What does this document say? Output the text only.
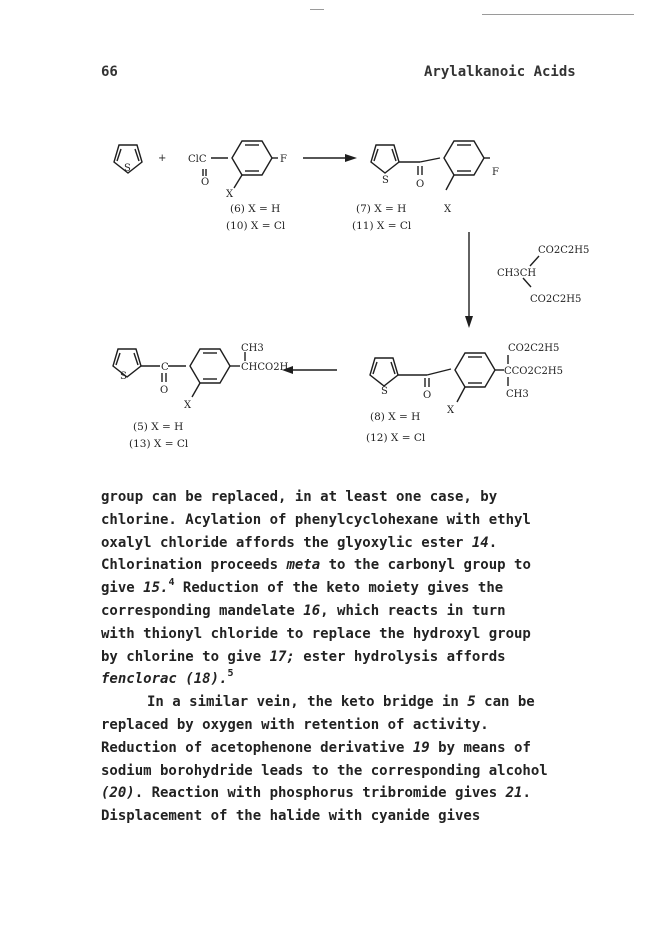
66	Arylalkanoic Acids
+
S
ClC
O
F
X
(6) X = H
(10) X = Cl
S	O
F
X
(7) X = H
(11) X = Cl
CO2C2H5
CH3CH
CO2C2H5
S	O
CO2C2H5
CCO2C2H5
CH3
X
(8) X = H
(12) X = Cl
S
C
O
CH3
CHCO2H
X
(5) X = H
(13) X = Cl

group can be replaced, in at least one case, by
chlorine. Acylation of phenylcyclohexane with ethyl
oxalyl chloride affords the glyoxylic ester 14.
Chlorination proceeds meta to the carbonyl group to
give 15.$^4$ Reduction of the keto moiety gives the
corresponding mandelate 16, which reacts in turn
with thionyl chloride to replace the hydroxyl group
by chlorine to give 17; ester hydrolysis affords
fenclorac (18).$^5$

In a similar vein, the keto bridge in 5 can be
replaced by oxygen with retention of activity.
Reduction of acetophenone derivative 19 by means of
sodium borohydride leads to the corresponding alcohol
(20). Reaction with phosphorus tribromide gives 21.
Displacement of the halide with cyanide gives
